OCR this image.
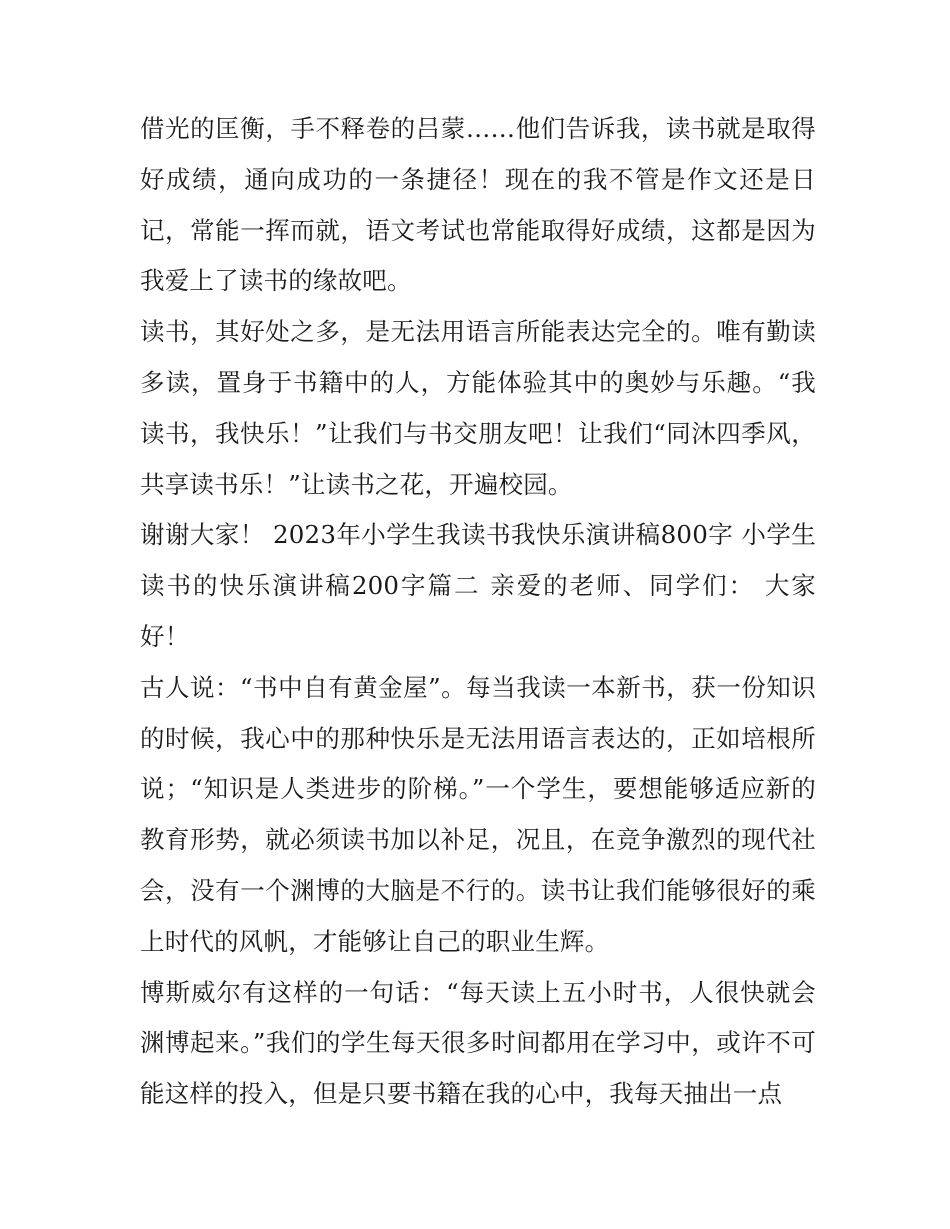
借光的匡衡，手不释卷的吕蒙……他们告诉我，读书就是取得好成绩，通向成功的一条捷径！现在的我不管是作文还是日记，常能一挥而就，语文考试也常能取得好成绩，这都是因为我爱上了读书的缘故吧。

读书，其好处之多，是无法用语言所能表达完全的。唯有勤读多读，置身于书籍中的人，方能体验其中的奥妙与乐趣。“我读书，我快乐！”让我们与书交朋友吧！让我们“同沐四季风，共享读书乐！”让读书之花，开遍校园。

谢谢大家！ 2023年小学生我读书我快乐演讲稿800字 小学生读书的快乐演讲稿200字篇二 亲爱的老师、同学们： 大家好！

古人说：“书中自有黄金屋”。每当我读一本新书，获一份知识的时候，我心中的那种快乐是无法用语言表达的，正如培根所说；“知识是人类进步的阶梯。”一个学生，要想能够适应新的教育形势，就必须读书加以补足，况且，在竞争激烈的现代社会，没有一个渊博的大脑是不行的。读书让我们能够很好的乘上时代的风帆，才能够让自己的职业生辉。

博斯威尔有这样的一句话：“每天读上五小时书，人很快就会渊博起来。”我们的学生每天很多时间都用在学习中，或许不可能这样的投入，但是只要书籍在我的心中，我每天抽出一点
